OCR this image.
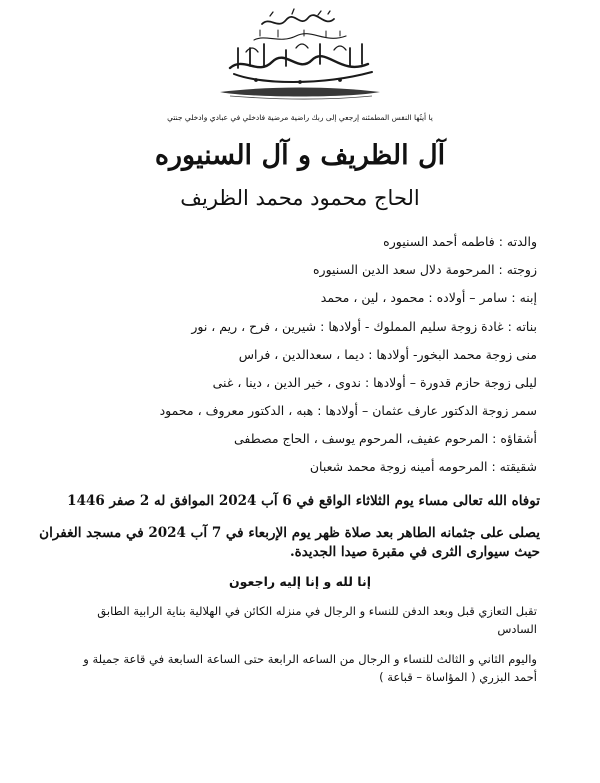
يا أيتُها النفس المطمئنه إرجعي إلى ربك راضية مرضية فادخلي في عبادي وادخلي جنتي
آل الظريف و آل السنيوره
الحاج محمود محمد الظريف
والدته : فاطمه أحمد السنيوره
زوجته : المرحومة دلال سعد الدين السنيوره
إبنه : سامر – أولاده : محمود ، لين ، محمد
بناته : غادة زوجة سليم المملوك - أولادها : شيرين ، فرح ، ريم ، نور
منى زوجة محمد البخور- أولادها : ديما ، سعدالدين ، فراس
ليلى زوجة حازم قدورة – أولادها : ندوى ، خير الدين ، دينا ، غنى
سمر زوجة الدكتور عارف عثمان – أولادها : هبه ، الدكتور معروف ، محمود
أشقاؤه : المرحوم عفيف، المرحوم يوسف ، الحاج مصطفى
شقيقته : المرحومه أمينه زوجة محمد شعبان
توفاه الله تعالى مساء يوم الثلاثاء الواقع في 6 آب 2024 الموافق له 2 صفر 1446
يصلى على جثمانه الطاهر بعد صلاة ظهر يوم الإربعاء في 7 آب 2024 في مسجد الغفران حيث سيوارى الثرى في مقبرة صيدا الجديدة.
إنا لله و إنا إليه راجعون
تقبل التعازي قبل وبعد الدفن للنساء و الرجال في منزله الكائن في الهلالية بناية الرابية الطابق السادس
واليوم الثاني و الثالث للنساء و الرجال من الساعه الرابعة حتى الساعة السابعة في قاعة جميلة و أحمد البزري ( المؤاساة – قباعة )
